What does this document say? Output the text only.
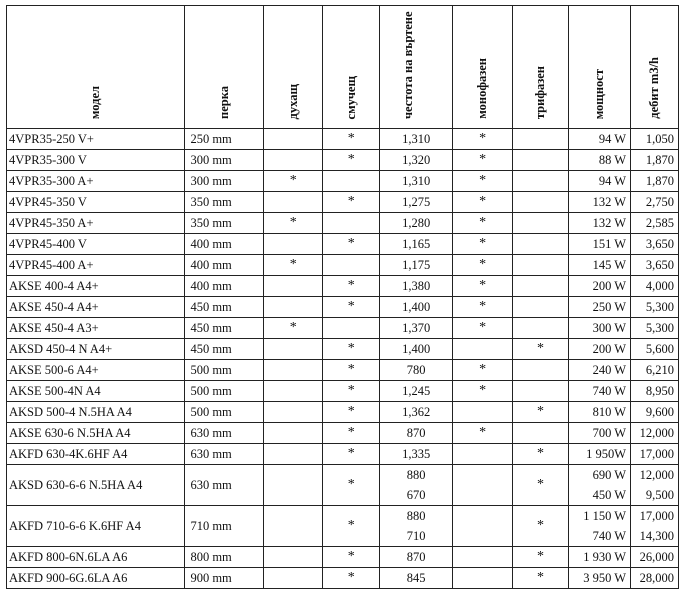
модел	перка	духащ	смучещ	честота на въртене	монофазен	трифазен	мощност	дебит m3/h
4VPR35-250 V+	250 mm		*	1,310	*		94 W	1,050
4VPR35-300 V	300 mm		*	1,320	*		88 W	1,870
4VPR35-300 A+	300 mm	*		1,310	*		94 W	1,870
4VPR45-350 V	350 mm		*	1,275	*		132 W	2,750
4VPR45-350 A+	350 mm	*		1,280	*		132 W	2,585
4VPR45-400 V	400 mm		*	1,165	*		151 W	3,650
4VPR45-400 A+	400 mm	*		1,175	*		145 W	3,650
AKSE 400-4 A4+	400 mm		*	1,380	*		200 W	4,000
AKSE 450-4 A4+	450 mm		*	1,400	*		250 W	5,300
AKSE 450-4 A3+	450 mm	*		1,370	*		300 W	5,300
AKSD 450-4 N A4+	450 mm		*	1,400		*	200 W	5,600
AKSE 500-6 A4+	500 mm		*	780	*		240 W	6,210
AKSE 500-4N A4	500 mm		*	1,245	*		740 W	8,950
AKSD 500-4 N.5HA A4	500 mm		*	1,362		*	810 W	9,600
AKSE 630-6 N.5HA A4	630 mm		*	870	*		700 W	12,000
AKFD 630-4K.6HF A4	630 mm		*	1,335		*	1 950W	17,000
AKSD 630-6-6 N.5HA A4	630 mm		*	880		*	690 W	12,000
				670			450 W	9,500
AKFD 710-6-6 K.6HF A4	710 mm		*	880		*	1 150 W	17,000
				710			740 W	14,300
AKFD 800-6N.6LA A6	800 mm		*	870		*	1 930 W	26,000
AKFD 900-6G.6LA A6	900 mm		*	845		*	3 950 W	28,000
